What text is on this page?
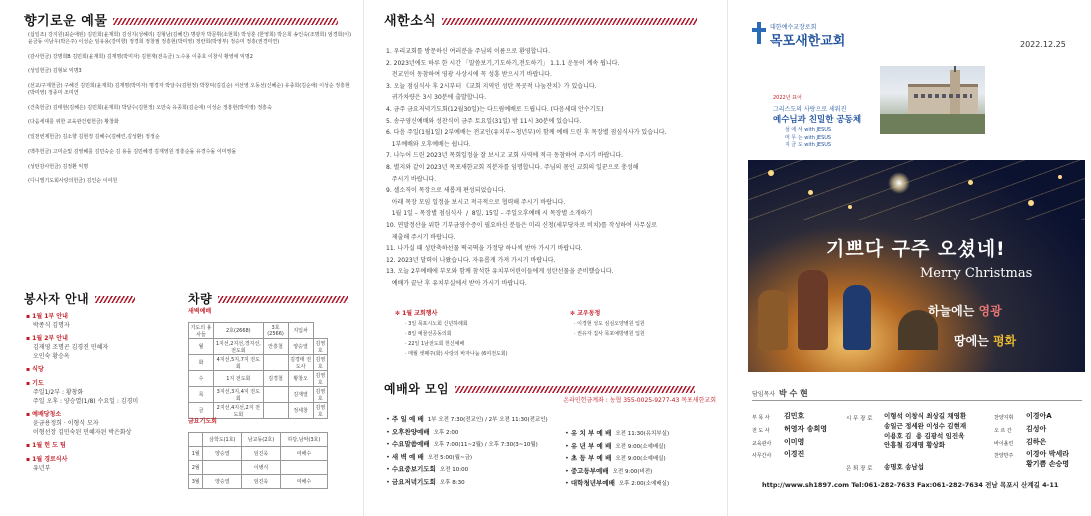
향기로운 예물
(십일조) 강지원(최순애된) 김민희(윤재희) 김성지(성혜리) 김형남(김혜진) 명광자 박문휘(소현희) 박성훈 (한영희) 박은희 송인숙(조명희) 엄경희(이) 윤금동 이남우(박은주) 이성순 임유용(강미향) 정경희 정창필 정흥현(박미영) 정란희(박영부) 정승미 정흥(권경미연)
(감사헌금) 강명희B 김민희(윤재희) 김재명(박미자) 김현재(전옥금) 노수용 이종호 이창식 황영애 익명2
(성일헌금) 김형보 익명3
(선교/구제헌금) 구혜진 김민희(윤재희) 김재명(박미자) 명경자 박달수(김현정) 박창덕(김길순) 서선영 오동선(신혜순) 유종희(김순애) 이성순 정흥현(박미영) 정종미 조미연
(건축헌금) 김태현(김혜은) 김민희(윤재희) 박달수(김현정) 오만숙 유종희(김순애) 이성순 정흥현(박미영) 정흥숙
(다음세대를 위한 교육관건립헌금) 황창화
(일천번제헌금) 김소향 김현정 김혜수(김혜린,김성환) 정정순
(맥추헌금) 고미순및 김영혜를 김민숙순 김 용을 김민혜경 김재영원 정흥순돌 유경수돌 이미영돌
(성탄감사헌금) 김정환 익명
(디니엘기도회사랑의헌금) 김인순 이여원
봉사자 안내
▪ 1월 1부 안내
박종식 김명자
▪ 1월 2부 안내
김재영 조명곤 김경진 민혜자
오인숙 황승옥
▪ 식당
▪ 기도
주일1/2부 : 황창화
주일 오후 : 양승열(1/8) 수요일 : 김경미
▪ 예배당청소
윤금용정희 · 이형식 모자
이형선장 김민숙된 민혜자된 박은화상
▪ 1월 헌 도 팀
▪ 1월 경로식사
유년부
차량
새벽예배
기도의 용사들	2호(2668)	3호(2566)	지입차	
월	1지선,2지선,경지선, 전도회	안흥철	양승열	김영호
화	4지선,5지,7지 전도회		김경태 전도사	김영호
수	1지 전도회	김경철	황창오	김영호
목	3지선,3지,4지 전도회		김재열	김영호
금	2지선,4지선,2지 전도회		정세창	김영호
금요기도회
	삼학도(1호)	남교동(2호)	하당,남악(3호)
1월	양승열	임진욱	여해수
2월		이병식	
3월	양승열	임진욱	여해수
새한소식
1. 우리교회를 방문하신 여러분을 주님의 이름으로 환영합니다.
2. 2023년에도 하루 한 시간 「말씀보기,기도하기,전도하기」 1.1.1 운동이 계속 됩니다.
전교인이 동참하여 영광 사상시에 꼭 성흥 받으시기 바랍니다.
3. 오늘 점심식사 후 2시부터 《교회 지역인 성탄 목곳적 나눔잔치》가 있습니다.
귀가차량은 3시 30분에 출발합니다.
4. 금주 금요저녁기도회(12월30일)는 다드림예배로 드립니다. (다음세대 안수기도)
5. 송구영신예배와 성찬식이 금주 토요일(31일) 밤 11시 30분에 있습니다.
6. 다음 주일(1월1일) 2부예배는 전교인(유치부~청년부)이 함께 예배 드린 후 목장별 점심식사가 있습니다.
1부예배와 오후예배는 쉽니다.
7. 나누어 드린 2023년 목회일정을 잘 보시고 교회 사역에 적극 동참하여 주시기 바랍니다.
8. 별지와 같이 2023년 목포새한교회 직분자를 임명합니다. 주님의 몸인 교회의 일꾼으로 충성해
주시기 바랍니다.
9. 셀소직이 목장으로 새롭게 편성되었습니다.
아래 목장 모임 일정을 보시고 적극적으로 협력해 주시기 바랍니다.
1월 1일 – 목장별 점심식사  /  8일, 15일 – 주일오후예배 시 목장별 소개하기
10. 연말정산을 위한 기부금영수증이 필요하신 분들은 미리 신청(세부당자로 비치)를 작성하여 사무실로
제출해 주시기 바랍니다.
11. 나가실 때 성탄축하선물 떡국떡을 가정당 하나씩 받아 가시기 바랍니다.
12. 2023년 달력이 나왔습니다. 자유롭게 가져 가시기 바랍니다.
13. 오늘 2부예배에 부모와 함께 참석한 유치부어린이들에게 성탄선물을 준비했습니다.
예배가 끝난 후 유치부실에서 받아 가시기 바랍니다.
✻ 1월 교회행사
· 3일 목포시노회 신년하례회
· 8일 예꿈선공동의회
· 22일 1남전도회 헌신예배
· 매월 셋째주(화) 사랑의 바자나눔 (6여전도회)
✻ 교우동정
· 이경현 성도 심심오양병원 입원
· 권유자 집사 목포예방병원 입원
예배와 모임
온라인헌금계좌 : 농협 355-0025-9277-43 목포새한교회
• 주 일 예 배 1부 오전 7:30(전교인) / 2부 오전 11:30(전교인)
• 오후찬양예배 오후 2:00
• 수요말씀예배 오후 7:00(11~2월) / 오후 7:30(3~10월)
• 새 벽 예 배 오전 5:00(월~금)
• 수요중보기도회 오전 10:00
• 금요저녁기도회 오후 8:30
• 유 치 부 예 배 오전 11:30(유치부실)
• 유 년 부 예 배 오전 9:00(소예배실)
• 초 등 부 예 배 오전 9:00(소예배실)
• 중고등부예배 오전 9:00(비전)
• 대학청년부예배 오후 2:00(소예배실)
대한예수교장로회
목포새한교회	2022.12.25
2022년 표어
그리스도의 사랑으로 세워진
예수님과 친밀한 공동체
섬 에 서 with JESUS
머 무 는 with JESUS
지 금 도 with JESUS
기쁘다 구주 오셨네!
Merry Christmas
하늘에는 영광
땅에는 평화
담임목사 박 수 현
부 목 사	김민호
전 도 사	허영자 송희영
교육관사	이미영
사무간사	이경진
시 무 장 로 이형석 이창식 최상길 채영환
송일근 정세완 이성수 김현재
이용호 김  용 김광석 임진욱
안흥철 김재명 황상화
은 퇴 장 로 송명호 송남섭
찬양지휘	이경아A
오 르 간	김성아
바이올린	김하은
찬양반주	이경아 박세라
황기쁨 손승명
http://www.sh1897.com Tel:061-282-7633 Fax:061-282-7634 전남 목포시 산계길 4-11
